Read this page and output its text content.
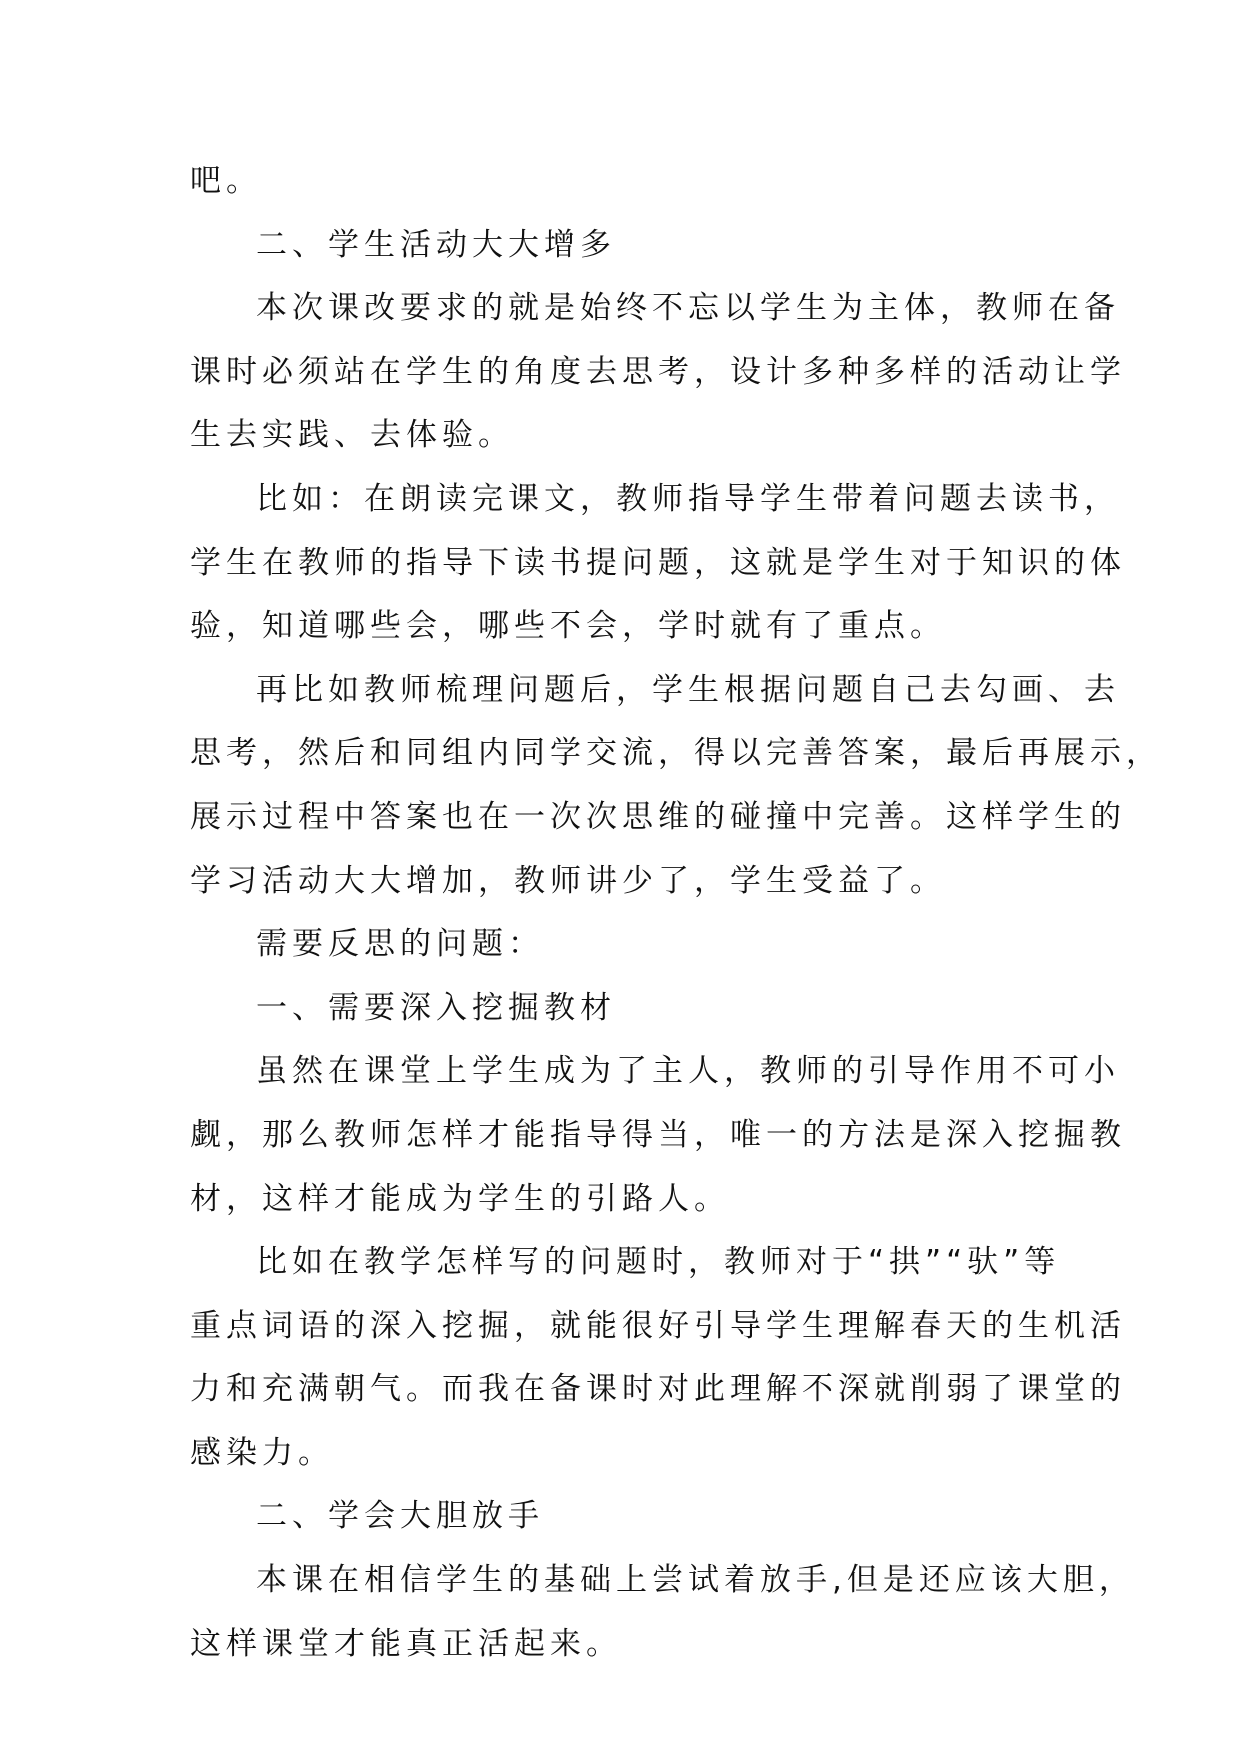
吧。
二、学生活动大大增多
本次课改要求的就是始终不忘以学生为主体，教师在备
课时必须站在学生的角度去思考，设计多种多样的活动让学
生去实践、去体验。
比如：在朗读完课文，教师指导学生带着问题去读书，
学生在教师的指导下读书提问题，这就是学生对于知识的体
验，知道哪些会，哪些不会，学时就有了重点。
再比如教师梳理问题后，学生根据问题自己去勾画、去
思考，然后和同组内同学交流，得以完善答案，最后再展示，
展示过程中答案也在一次次思维的碰撞中完善。这样学生的
学习活动大大增加，教师讲少了，学生受益了。
需要反思的问题：
一、需要深入挖掘教材
虽然在课堂上学生成为了主人，教师的引导作用不可小
觑，那么教师怎样才能指导得当，唯一的方法是深入挖掘教
材，这样才能成为学生的引路人。
比如在教学怎样写的问题时，教师对于“拱”“驮”等
重点词语的深入挖掘，就能很好引导学生理解春天的生机活
力和充满朝气。而我在备课时对此理解不深就削弱了课堂的
感染力。
二、学会大胆放手
本课在相信学生的基础上尝试着放手,但是还应该大胆，
这样课堂才能真正活起来。
